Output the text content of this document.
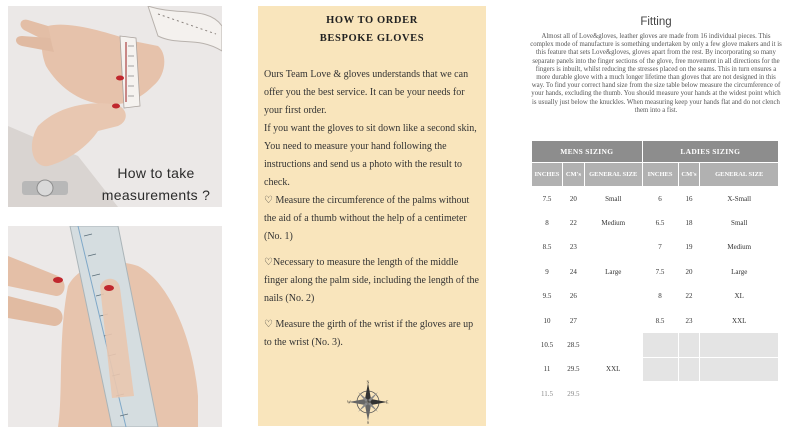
How to take measurements ?
HOW TO ORDER
BESPOKE GLOVES

Ours Team Love & gloves understands that we can offer you the best service. It can be your needs for your first order.

If you want the gloves to sit down like a second skin, You need to measure your hand following the instructions and send us a photo with the result to check.

♡ Measure the circumference of the palms without the aid of a thumb without the help of a centimeter (No. 1)

♡Necessary to measure the length of the middle finger along the palm side, including the length of the nails (No. 2)

♡ Measure the girth of the wrist if the gloves are up to the wrist (No. 3).

N
S
W	E
Fitting
Almost all of Love&gloves, leather gloves are made from 16 individual pieces. This complex mode of manufacture is something undertaken by only a few glove makers and it is this feature that sets Love&gloves, gloves apart from the rest. By incorporating so many separate panels into the finger sections of the glove, free movement in all directions for the fingers is inbuilt, whilst reducing the stresses placed on the seams. This in turn ensures a more durable glove with a much longer lifetime than gloves that are not designed in this way. To find your correct hand size from the size table below measure the circumference of your hands, excluding the thumb. You should measure your hands at the widest point which is usually just below the knuckles. When measuring keep your hands flat and do not clench them into a fist.
MENS SIZING			LADIES SIZING		
INCHES	CM's	GENERAL SIZE	INCHES	CM's	GENERAL SIZE
7.5	20	Small	6	16	X-Small
8	22	Medium	6.5	18	Small
8.5	23		7	19	Medium
9	24	Large	7.5	20	Large
9.5	26		8	22	XL
10	27		8.5	23	XXL
10.5	28.5				
11	29.5	XXL			
11.5	29.5				
